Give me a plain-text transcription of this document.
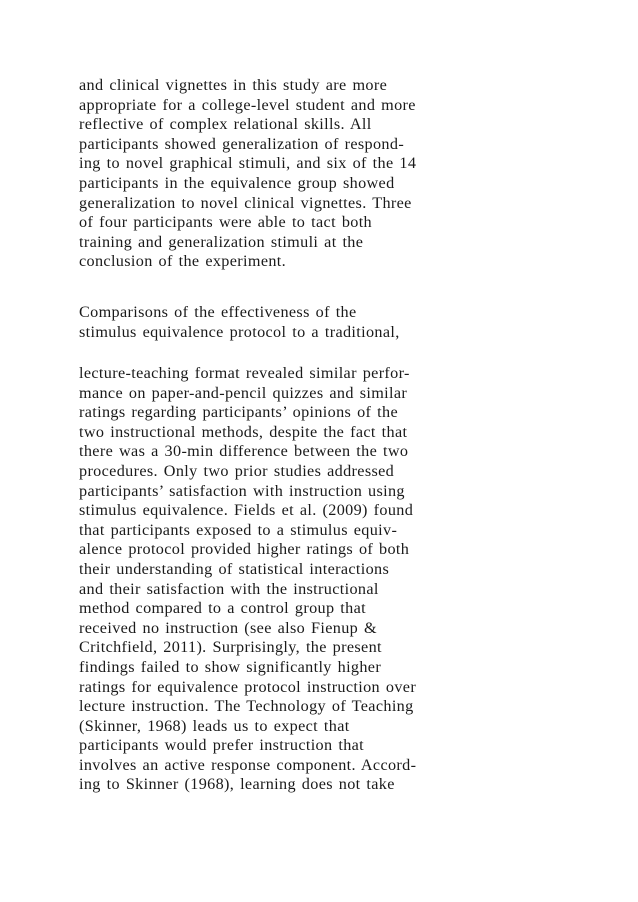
and clinical vignettes in this study are more
appropriate for a college-level student and more
reflective of complex relational skills. All
participants showed generalization of respond-
ing to novel graphical stimuli, and six of the 14
participants in the equivalence group showed
generalization to novel clinical vignettes. Three
of four participants were able to tact both
training and generalization stimuli at the
conclusion of the experiment.
Comparisons of the effectiveness of the
stimulus equivalence protocol to a traditional,
lecture-teaching format revealed similar perfor-
mance on paper-and-pencil quizzes and similar
ratings regarding participants’ opinions of the
two instructional methods, despite the fact that
there was a 30-min difference between the two
procedures. Only two prior studies addressed
participants’ satisfaction with instruction using
stimulus equivalence. Fields et al. (2009) found
that participants exposed to a stimulus equiv-
alence protocol provided higher ratings of both
their understanding of statistical interactions
and their satisfaction with the instructional
method compared to a control group that
received no instruction (see also Fienup &
Critchfield, 2011). Surprisingly, the present
findings failed to show significantly higher
ratings for equivalence protocol instruction over
lecture instruction. The Technology of Teaching
(Skinner, 1968) leads us to expect that
participants would prefer instruction that
involves an active response component. Accord-
ing to Skinner (1968), learning does not take
